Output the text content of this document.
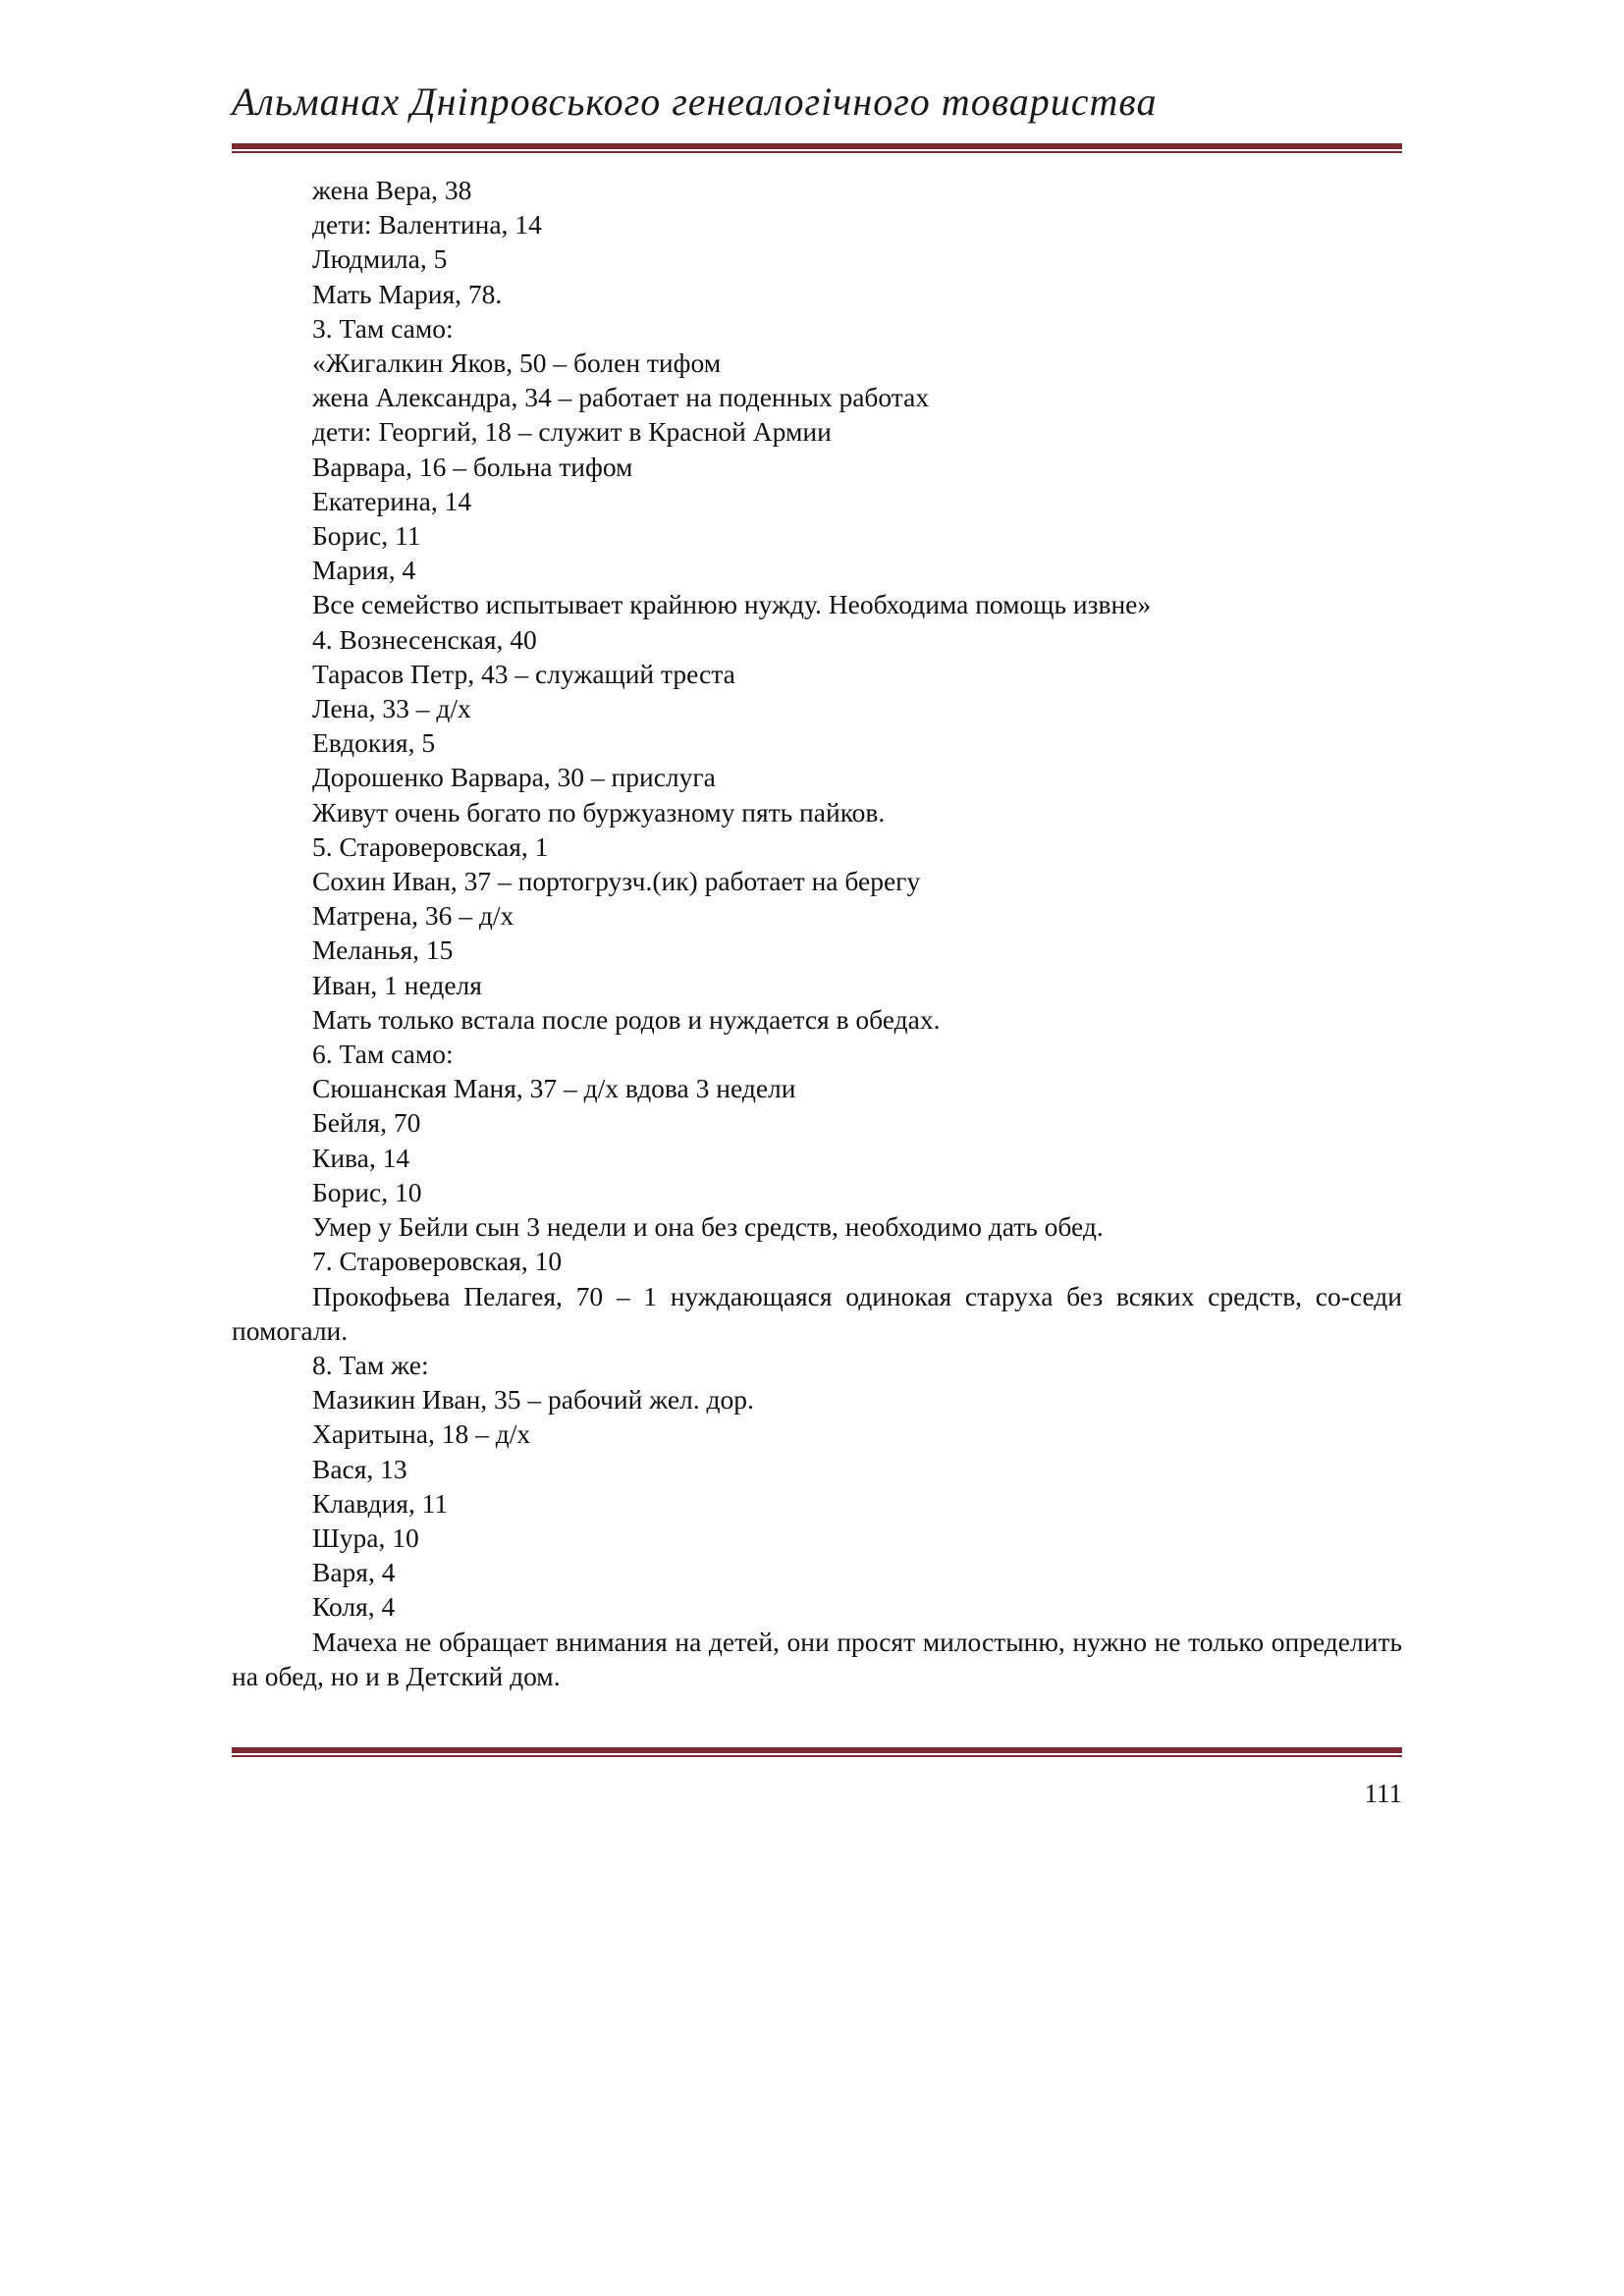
Альманах Дніпровського генеалогічного товариства
жена Вера, 38
дети: Валентина, 14
Людмила, 5
Мать Мария, 78.
3. Там само:
«Жигалкин Яков, 50 – болен тифом
жена Александра, 34 – работает на поденных работах
дети: Георгий, 18 – служит в Красной Армии
Варвара, 16 – больна тифом
Екатерина, 14
Борис, 11
Мария, 4
Все семейство испытывает крайнюю нужду. Необходима помощь извне»
4. Вознесенская, 40
Тарасов Петр, 43 – служащий треста
Лена, 33 – д/х
Евдокия, 5
Дорошенко Варвара, 30 – прислуга
Живут очень богато по буржуазному пять пайков.
5. Староверовская, 1
Сохин Иван, 37 – портогрузч.(ик) работает на берегу
Матрена, 36 – д/х
Меланья, 15
Иван, 1 неделя
Мать только встала после родов и нуждается в обедах.
6. Там само:
Сюшанская Маня, 37 – д/х вдова 3 недели
Бейля, 70
Кива, 14
Борис, 10
Умер у Бейли сын 3 недели и она без средств, необходимо дать обед.
7. Староверовская, 10
Прокофьева Пелагея, 70 – 1 нуждающаяся одинокая старуха без всяких средств, со-седи помогали.
8. Там же:
Мазикин Иван, 35 – рабочий жел. дор.
Харитына, 18 – д/х
Вася, 13
Клавдия, 11
Шура, 10
Варя, 4
Коля, 4
Мачеха не обращает внимания на детей, они просят милостыню, нужно не только определить на обед, но и в Детский дом.
111
